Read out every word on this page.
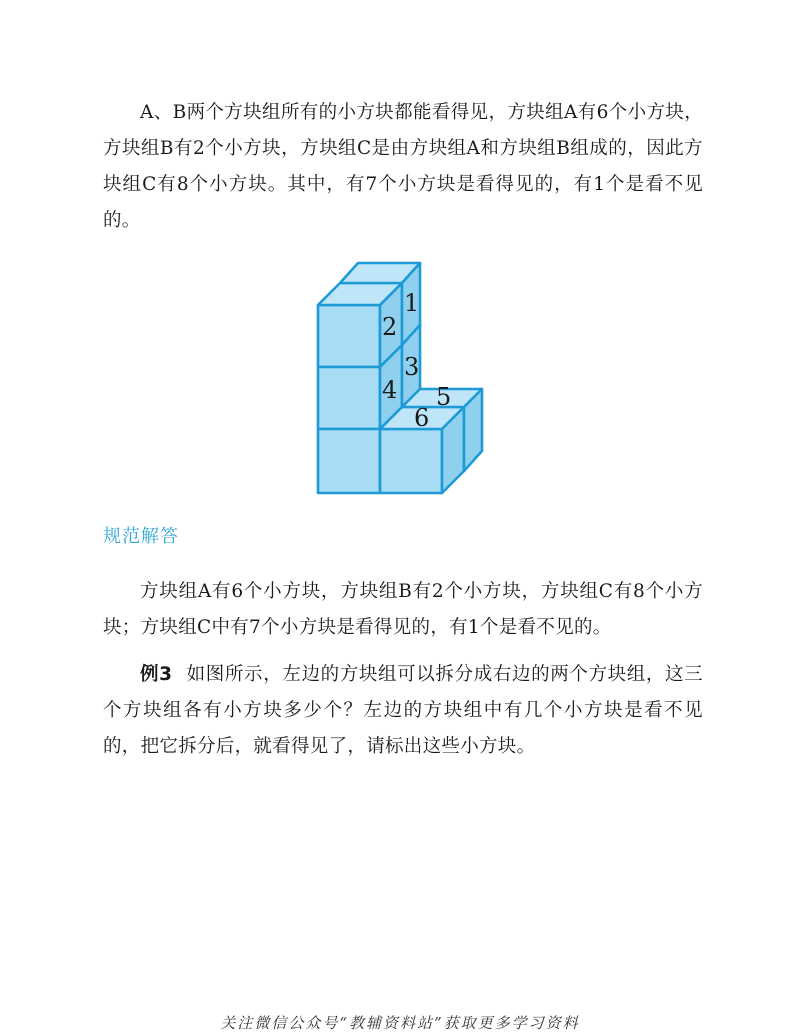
A、B两个方块组所有的小方块都能看得见，方块组A有6个小方块，方块组B有2个小方块，方块组C是由方块组A和方块组B组成的，因此方块组C有8个小方块。其中，有7个小方块是看得见的，有1个是看不见的。

1
2
3
4 5
6
规范解答

方块组A有6个小方块，方块组B有2个小方块，方块组C有8个小方块；方块组C中有7个小方块是看得见的，有1个是看不见的。

例3 如图所示，左边的方块组可以拆分成右边的两个方块组，这三个方块组各有小方块多少个？左边的方块组中有几个小方块是看不见的，把它拆分后，就看得见了，请标出这些小方块。

关注微信公众号“教辅资料站”获取更多学习资料
